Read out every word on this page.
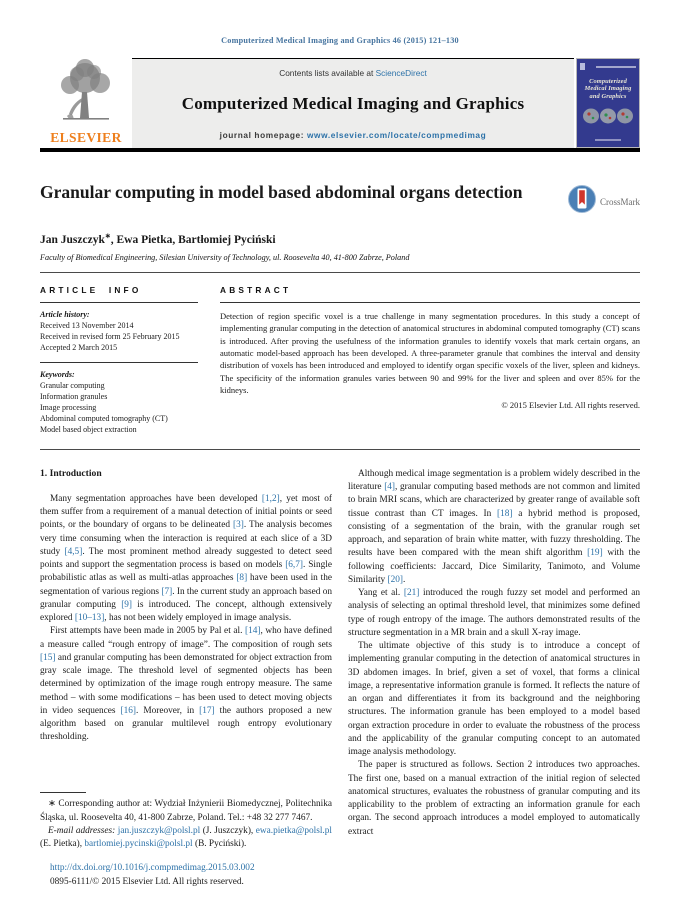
Computerized Medical Imaging and Graphics 46 (2015) 121–130
ELSEVIER
Contents lists available at ScienceDirect
Computerized Medical Imaging and Graphics
journal homepage: www.elsevier.com/locate/compmedimag
Computerized Medical Imaging and Graphics
Granular computing in model based abdominal organs detection	CrossMark
Jan Juszczyk∗, Ewa Pietka, Bartłomiej Pyciński
Faculty of Biomedical Engineering, Silesian University of Technology, ul. Roosevelta 40, 41-800 Zabrze, Poland
ARTICLE INFO

Article history:

Received 13 November 2014
Received in revised form 25 February 2015
Accepted 2 March 2015

Keywords:

Granular computing
Information granules
Image processing
Abdominal computed tomography (CT)
Model based object extraction
ABSTRACT

Detection of region specific voxel is a true challenge in many segmentation procedures. In this study a concept of implementing granular computing in the detection of anatomical structures in abdominal computed tomography (CT) scans is introduced. After proving the usefulness of the information granules to identify voxels that mark certain organs, an automatic model-based approach has been developed. A three-parameter granule that combines the interval and density distribution of voxels has been introduced and employed to identify organ specific voxels of the liver, spleen and kidneys. The specificity of the information granules varies between 90 and 99% for the liver and spleen and over 85% for the kidneys.

© 2015 Elsevier Ltd. All rights reserved.
1. Introduction

Many segmentation approaches have been developed [1,2], yet most of them suffer from a requirement of a manual detection of initial points or seed points, or the boundary of organs to be delineated [3]. The analysis becomes very time consuming when the interaction is required at each slice of a 3D study [4,5]. The most prominent method already suggested to detect seed points and support the segmentation process is based on models [6,7]. Single probabilistic atlas as well as multi-atlas approaches [8] have been used in the segmentation of various regions [7]. In the current study an approach based on granular computing [9] is introduced. The concept, although extensively explored [10–13], has not been widely employed in image analysis.

First attempts have been made in 2005 by Pal et al. [14], who have defined a measure called “rough entropy of image”. The composition of rough sets [15] and granular computing has been demonstrated for object extraction from gray scale image. The threshold level of segmented objects has been determined by optimization of the image rough entropy measure. The same method – with some modifications – has been used to detect moving objects in video sequences [16]. Moreover, in [17] the authors proposed a new algorithm based on granular multilevel rough entropy evolutionary thresholding.

∗ Corresponding author at: Wydział Inżynierii Biomedycznej, Politechnika Śląska, ul. Roosevelta 40, 41-800 Zabrze, Poland. Tel.: +48 32 277 7467.

E-mail addresses: jan.juszczyk@polsl.pl (J. Juszczyk), ewa.pietka@polsl.pl (E. Pietka), bartlomiej.pycinski@polsl.pl (B. Pyciński).

http://dx.doi.org/10.1016/j.compmedimag.2015.03.002

0895-6111/© 2015 Elsevier Ltd. All rights reserved.

Although medical image segmentation is a problem widely described in the literature [4], granular computing based methods are not common and limited to brain MRI scans, which are characterized by greater range of available soft tissue contrast than CT images. In [18] a hybrid method is proposed, consisting of a segmentation of the brain, with the granular rough set approach, and separation of brain white matter, with fuzzy thresholding. The results have been compared with the mean shift algorithm [19] with the following coefficients: Jaccard, Dice Similarity, Tanimoto, and Volume Similarity [20].

Yang et al. [21] introduced the rough fuzzy set model and performed an analysis of selecting an optimal threshold level, that minimizes some defined type of rough entropy of the image. The authors demonstrated results of the structure segmentation in a MR brain and a skull X-ray image.

The ultimate objective of this study is to introduce a concept of implementing granular computing in the detection of anatomical structures in 3D abdomen images. In brief, given a set of voxel, that forms a clinical image, a representative information granule is formed. It reflects the nature of an organ and differentiates it from its background and the neighboring structures. The information granule has been employed to a model based organ extraction procedure in order to evaluate the robustness of the process and the applicability of the granular computing concept to an automated image analysis methodology.

The paper is structured as follows. Section 2 introduces two approaches. The first one, based on a manual extraction of the initial region of selected anatomical structures, evaluates the robustness of granular computing and its applicability to the problem of extracting an information granule for each organ. The second approach introduces a model employed to automatically extract
